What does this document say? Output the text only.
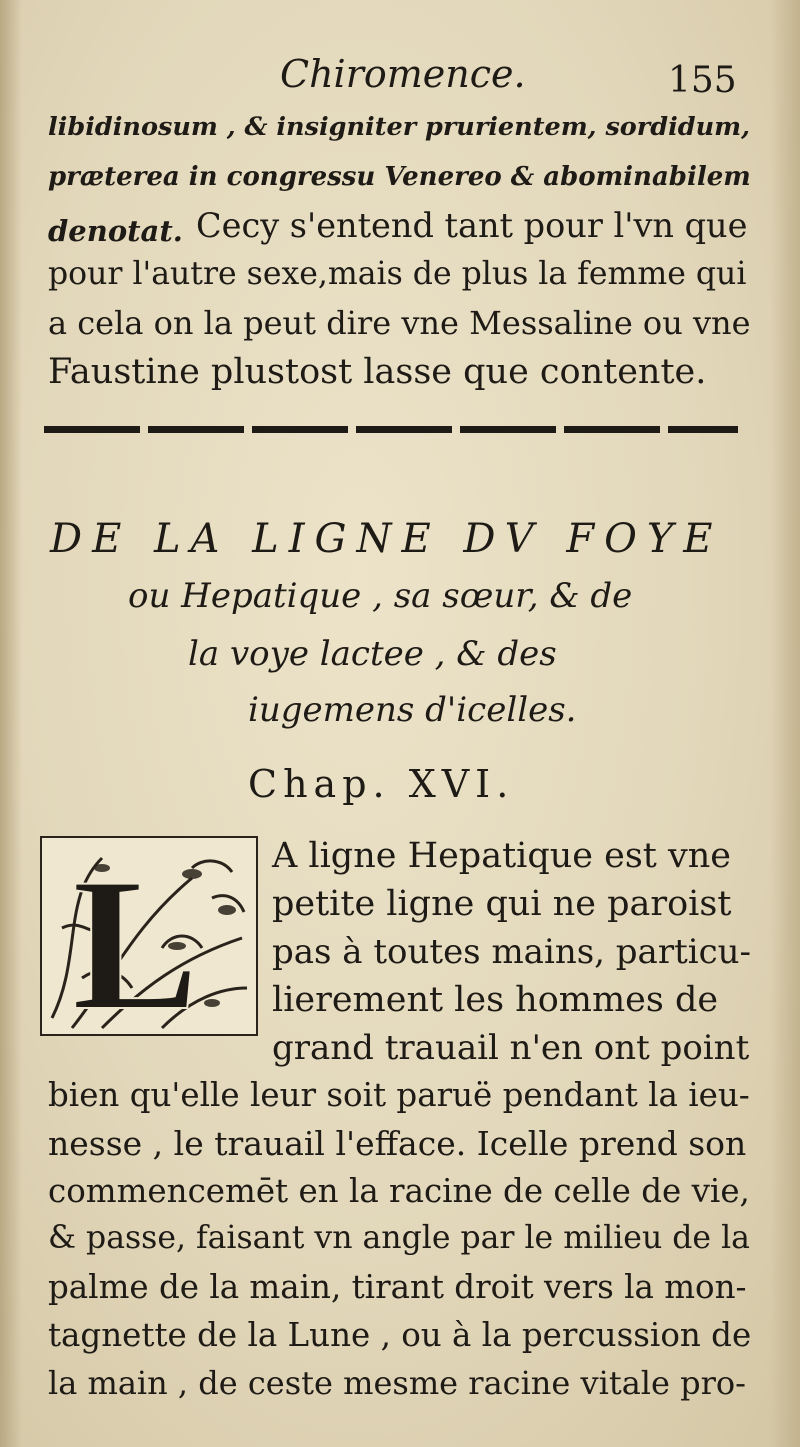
Chiromence.	155
libidinosum , & insigniter prurientem, sordidum,
præterea in congressu Venereo & abominabilem
denotat. Cecy s'entend tant pour l'vn que
pour l'autre sexe,mais de plus la femme qui
a cela on la peut dire vne Messaline ou vne
Faustine plustost lasse que contente.
DE LA LIGNE DV FOYE
ou Hepatique , sa sœur, & de
la voye lactee , & des
iugemens d'icelles.
Chap. XVI.
L A ligne Hepatique est vne
petite ligne qui ne paroist
pas à toutes mains, particu-
lierement les hommes de
grand trauail n'en ont point
bien qu'elle leur soit paruë pendant la ieu-
nesse , le trauail l'efface. Icelle prend son
commencemēt en la racine de celle de vie,
& passe, faisant vn angle par le milieu de la
palme de la main, tirant droit vers la mon-
tagnette de la Lune , ou à la percussion de
la main , de ceste mesme racine vitale pro-
